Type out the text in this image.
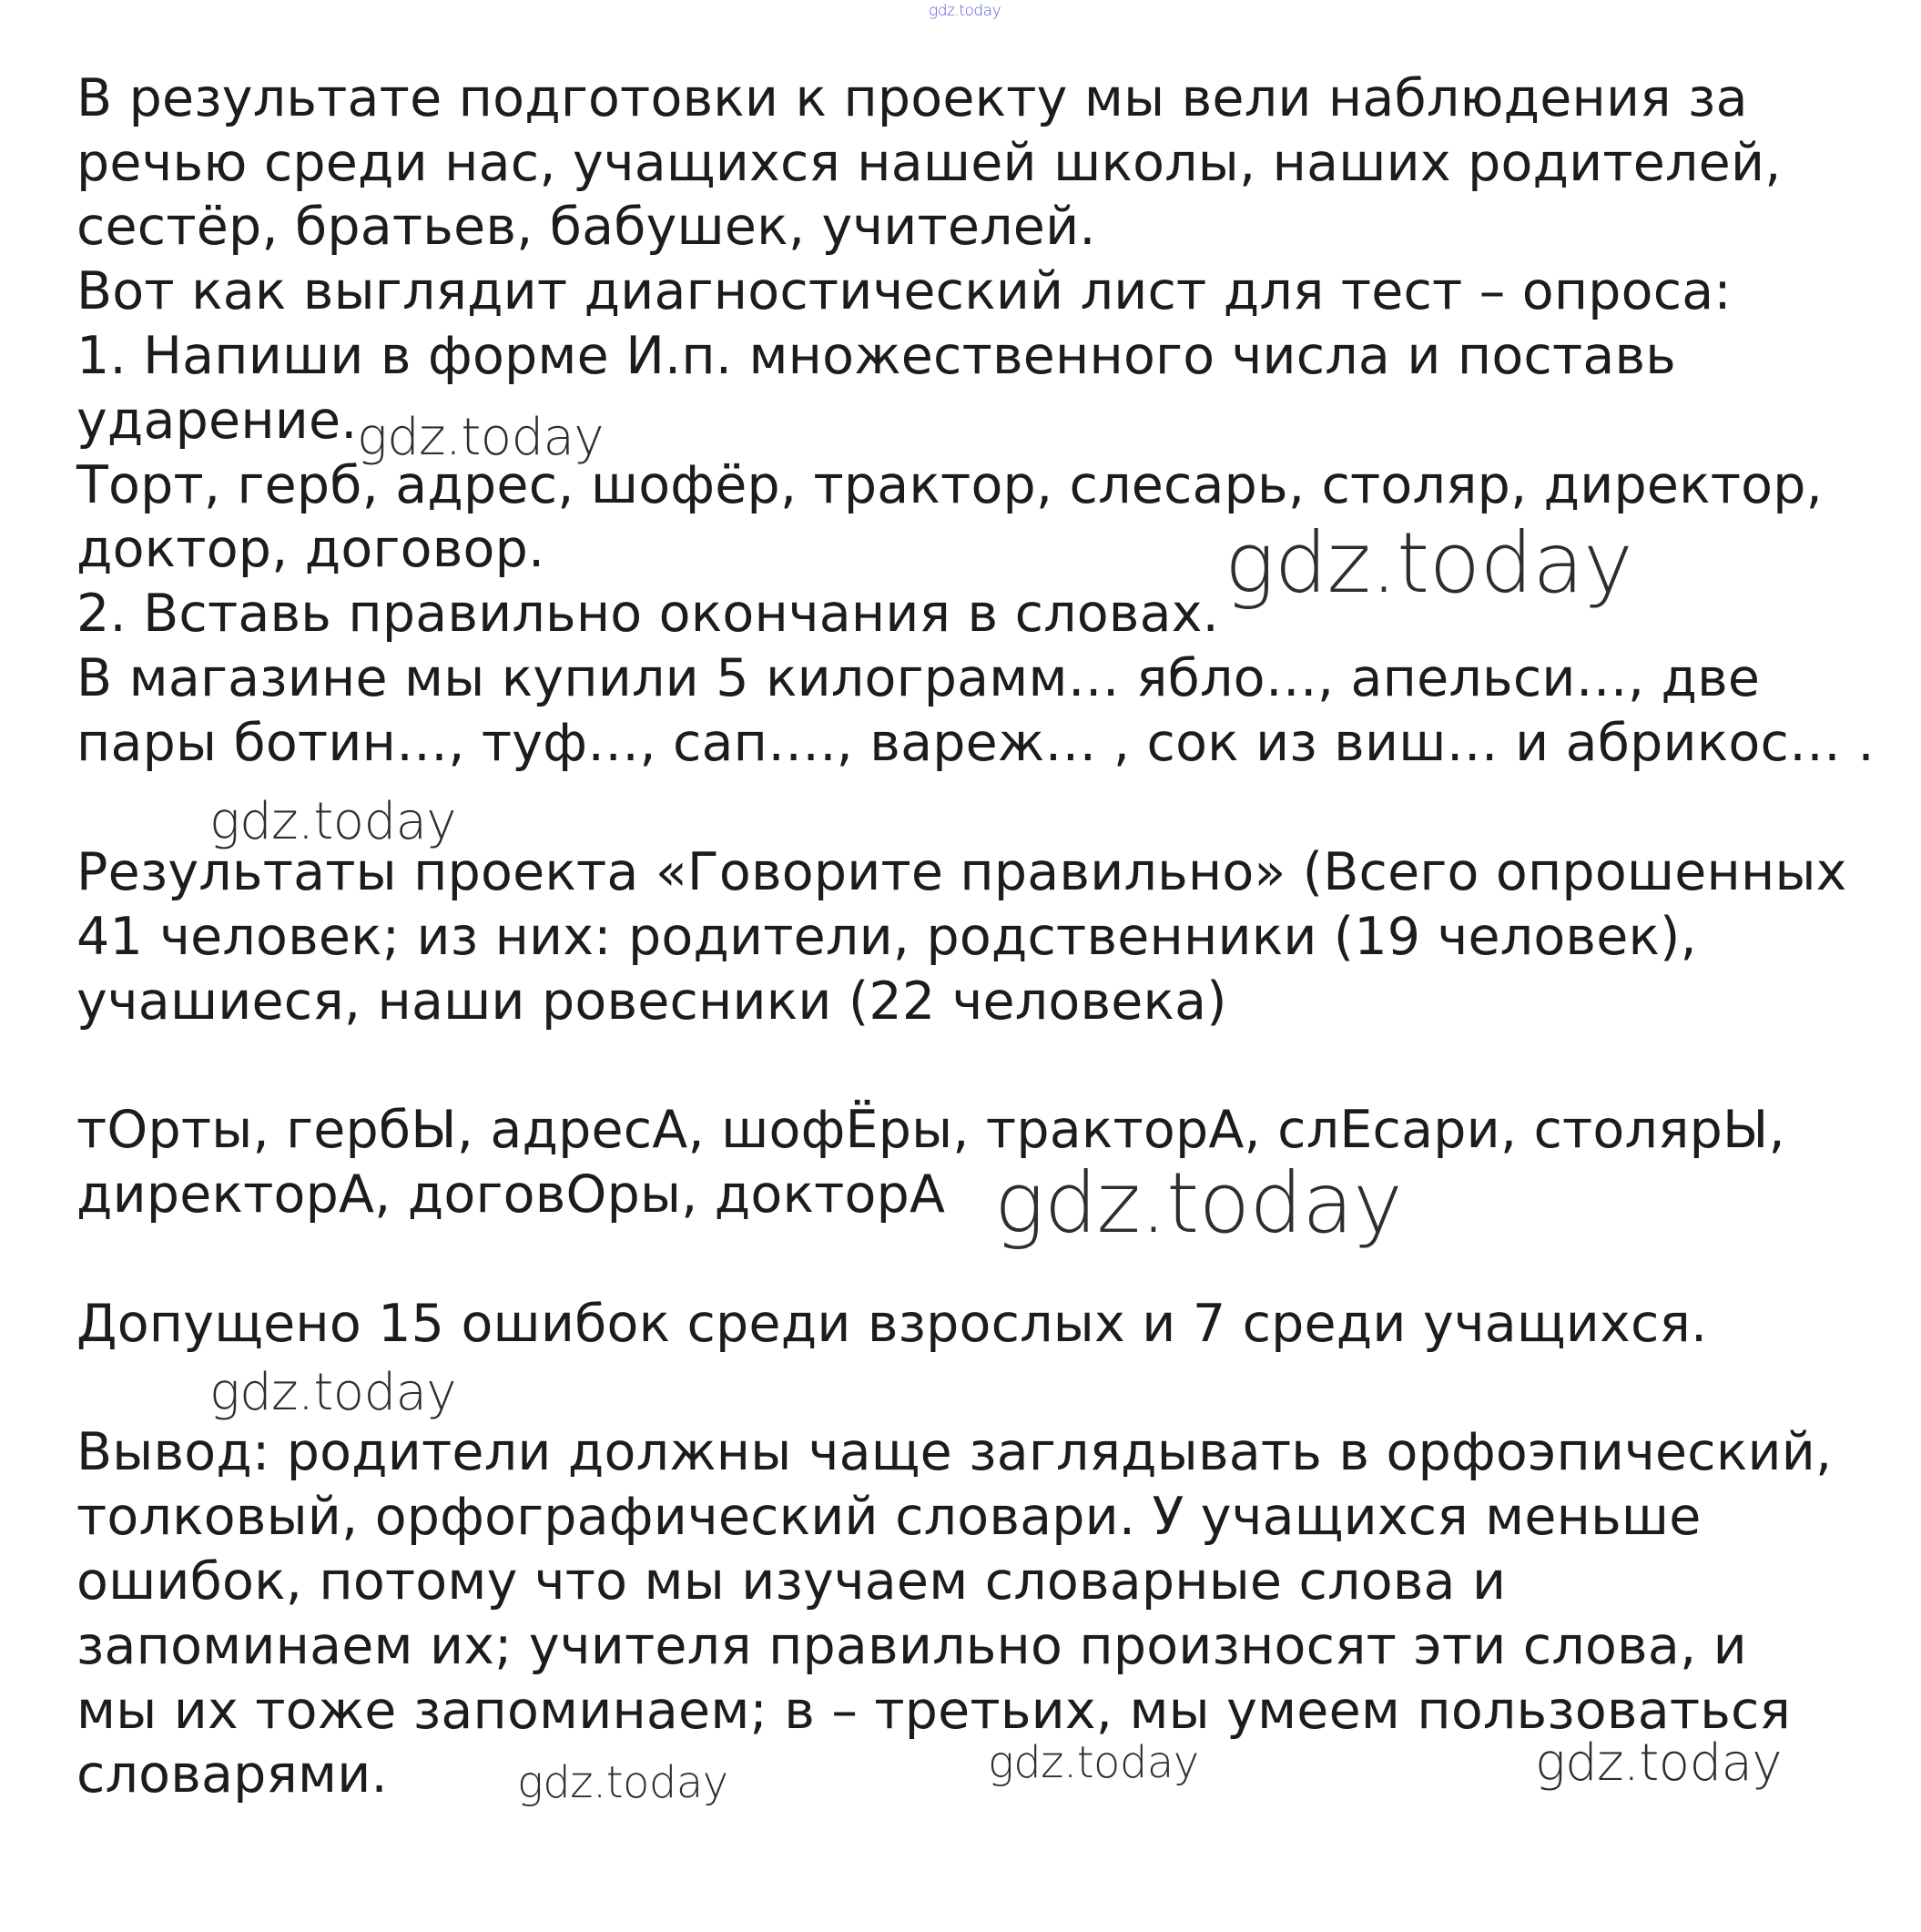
gdz.today
В результате подготовки к проекту мы вели наблюдения за
речью среди нас, учащихся нашей школы, наших родителей,
сестёр, братьев, бабушек, учителей.
Вот как выглядит диагностический лист для тест – опроса:
1. Напиши в форме И.п. множественного числа и поставь
ударение.
Торт, герб, адрес, шофёр, трактор, слесарь, столяр, директор,
доктор, договор.
2. Вставь правильно окончания в словах.
В магазине мы купили 5 килограмм… ябло…, апельси…, две
пары ботин…, туф…, сап…., вареж… , сок из виш… и абрикос… .
Результаты проекта «Говорите правильно» (Всего опрошенных
41 человек; из них: родители, родственники (19 человек),
учашиеся, наши ровесники (22 человека)
тОрты, гербЫ, адресА, шофЁры, тракторА, слЕсари, столярЫ,
директорА, договОры, докторА
Допущено 15 ошибок среди взрослых и 7 среди учащихся.
Вывод: родители должны чаще заглядывать в орфоэпический,
толковый, орфографический словари. У учащихся меньше
ошибок, потому что мы изучаем словарные слова и
запоминаем их; учителя правильно произносят эти слова, и
мы их тоже запоминаем; в – третьих, мы умеем пользоваться
словарями.
gdz.today
gdz.today
gdz.today
gdz.today
gdz.today
gdz.today	gdz.today	gdz.today
